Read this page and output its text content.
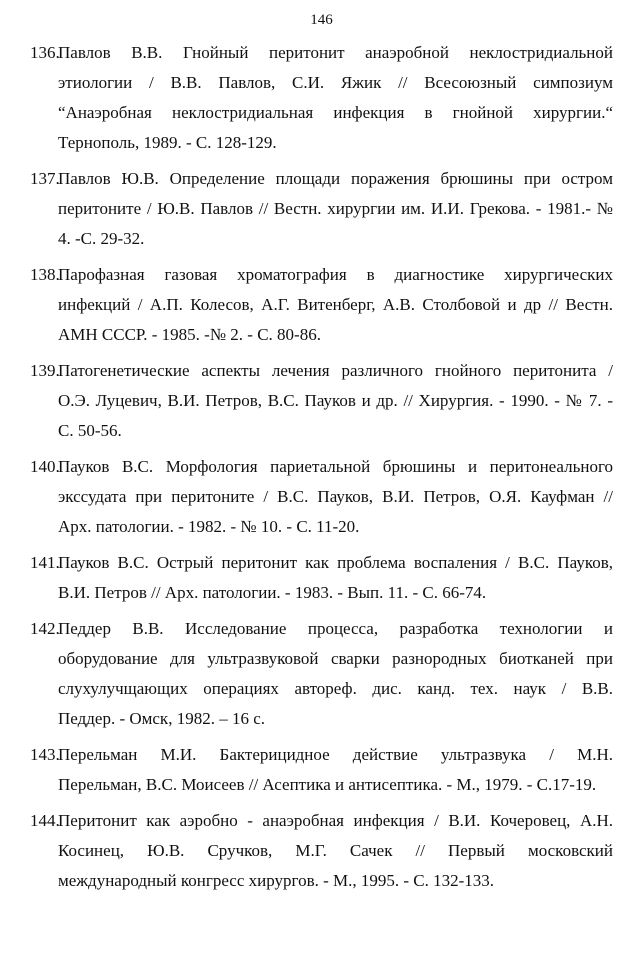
146
136.
Павлов В.В. Гнойный перитонит анаэробной неклостридиальной
этиологии / В.В. Павлов, С.И. Яжик // Всесоюзный симпозиум
“Анаэробная неклостридиальная инфекция в гнойной хирургии.“
Тернополь, 1989. - С. 128-129.
137.
Павлов Ю.В. Определение площади поражения брюшины при остром
перитоните / Ю.В. Павлов // Вестн. хирургии им. И.И. Грекова. - 1981.- №
4. -С. 29-32.
138.
Парофазная газовая хроматография в диагностике хирургических
инфекций / А.П. Колесов, А.Г. Витенберг, А.В. Столбовой и др // Вестн.
АМН СССР. - 1985. -№ 2. - С. 80-86.
139.
Патогенетические аспекты лечения различного гнойного перитонита /
О.Э. Луцевич, В.И. Петров, В.С. Пауков и др. // Хирургия. - 1990. - № 7. -
С. 50-56.
140.
Пауков В.С. Морфология париетальной брюшины и перитонеального
экссудата при перитоните / В.С. Пауков, В.И. Петров, О.Я. Кауфман //
Арх. патологии. - 1982. - № 10. - С. 11-20.
141.
Пауков В.С. Острый перитонит как проблема воспаления / В.С. Пауков,
В.И. Петров // Арх. патологии. - 1983. - Вып. 11. - С. 66-74.
142.
Педдер В.В. Исследование процесса, разработка технологии и
оборудование для ультразвуковой сварки разнородных биотканей при
слухулучщающих операциях автореф. дис. канд. тех. наук / В.В.
Педдер. - Омск, 1982. – 16 с.
143.
Перельман М.И. Бактерицидное действие ультразвука / М.Н.
Перельман, В.С. Моисеев // Асептика и антисептика. - М., 1979. - С.17-19.
144.
Перитонит как аэробно - анаэробная инфекция / В.И. Кочеровец, А.Н.
Косинец, Ю.В. Сручков, М.Г. Сачек // Первый московский
международный конгресс хирургов. - М., 1995. - С. 132-133.
